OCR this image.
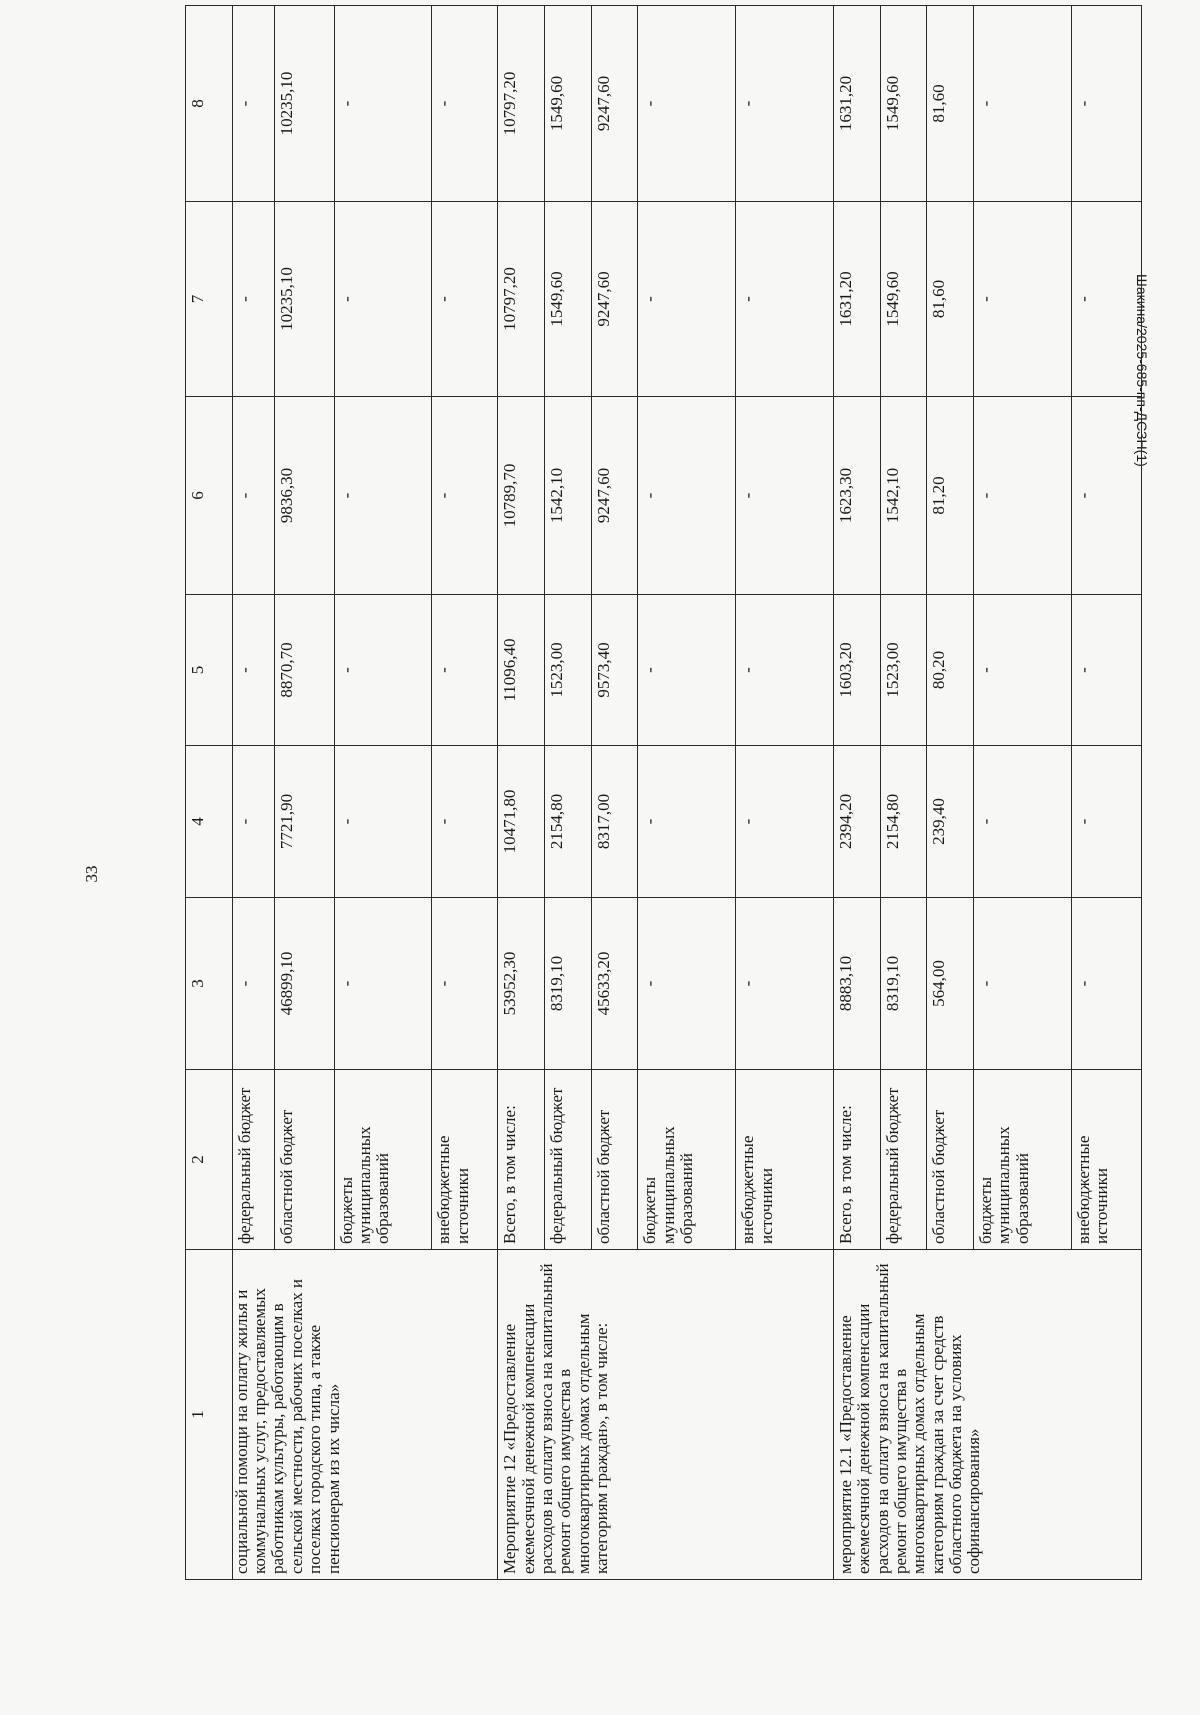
33
Шакина/2025-685-пп-ДСЗН(1)
1	2	3	4	5	6	7	8
социальной помощи на оплату жилья и коммунальных услуг, предоставляемых работникам культуры, работающим в сельской местности, рабочих поселках и поселках городского типа, а также пенсионерам из их числа»	федеральный бюджет	-	-	-	-	-	-
	областной бюджет	46899,10	7721,90	8870,70	9836,30	10235,10	10235,10
	бюджеты муниципальных образований	-	-	-	-	-	-
	внебюджетные источники	-	-	-	-	-	-
Мероприятие 12 «Предоставление ежемесячной денежной компенсации расходов на оплату взноса на капитальный ремонт общего имущества в многоквартирных домах отдельным категориям граждан», в том числе:	Всего, в том числе:	53952,30	10471,80	11096,40	10789,70	10797,20	10797,20
	федеральный бюджет	8319,10	2154,80	1523,00	1542,10	1549,60	1549,60
	областной бюджет	45633,20	8317,00	9573,40	9247,60	9247,60	9247,60
	бюджеты муниципальных образований	-	-	-	-	-	-
	внебюджетные источники	-	-	-	-	-	-
мероприятие 12.1 «Предоставление ежемесячной денежной компенсации расходов на оплату взноса на капитальный ремонт общего имущества в многоквартирных домах отдельным категориям граждан за счет средств областного бюджета на условиях софинансирования»	Всего, в том числе:	8883,10	2394,20	1603,20	1623,30	1631,20	1631,20
	федеральный бюджет	8319,10	2154,80	1523,00	1542,10	1549,60	1549,60
	областной бюджет	564,00	239,40	80,20	81,20	81,60	81,60
	бюджеты муниципальных образований	-	-	-	-	-	-
	внебюджетные источники	-	-	-	-	-	-
